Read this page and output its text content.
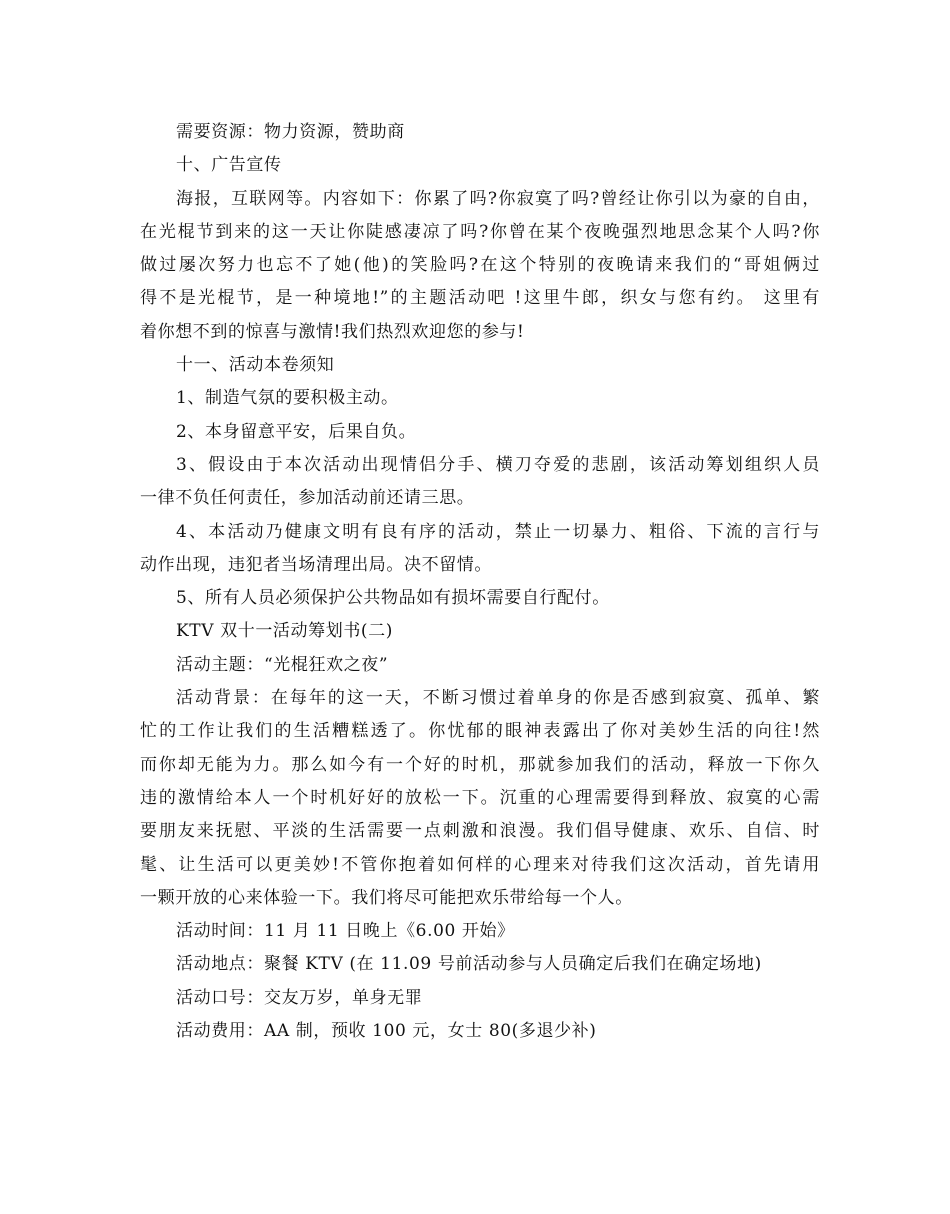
需要资源：物力资源，赞助商
十、广告宣传
海报，互联网等。内容如下：你累了吗?你寂寞了吗?曾经让你引以为豪的自由，
在光棍节到来的这一天让你陡感凄凉了吗?你曾在某个夜晚强烈地思念某个人吗?你
做过屡次努力也忘不了她(他)的笑脸吗?在这个特别的夜晚请来我们的“哥姐俩过
得不是光棍节，是一种境地!”的主题活动吧 !这里牛郎，织女与您有约。 这里有
着你想不到的惊喜与激情!我们热烈欢迎您的参与!
十一、活动本卷须知
1、制造气氛的要积极主动。
2、本身留意平安，后果自负。
3、假设由于本次活动出现情侣分手、横刀夺爱的悲剧，该活动筹划组织人员
一律不负任何责任，参加活动前还请三思。
4、本活动乃健康文明有良有序的活动，禁止一切暴力、粗俗、下流的言行与
动作出现，违犯者当场清理出局。决不留情。
5、所有人员必须保护公共物品如有损坏需要自行配付。
KTV 双十一活动筹划书(二)
活动主题：“光棍狂欢之夜”
活动背景：在每年的这一天，不断习惯过着单身的你是否感到寂寞、孤单、繁
忙的工作让我们的生活糟糕透了。你忧郁的眼神表露出了你对美妙生活的向往!然
而你却无能为力。那么如今有一个好的时机，那就参加我们的活动，释放一下你久
违的激情给本人一个时机好好的放松一下。沉重的心理需要得到释放、寂寞的心需
要朋友来抚慰、平淡的生活需要一点刺激和浪漫。我们倡导健康、欢乐、自信、时
髦、让生活可以更美妙!不管你抱着如何样的心理来对待我们这次活动，首先请用
一颗开放的心来体验一下。我们将尽可能把欢乐带给每一个人。
活动时间：11 月 11 日晚上《6.00 开始》
活动地点：聚餐 KTV (在 11.09 号前活动参与人员确定后我们在确定场地)
活动口号：交友万岁，单身无罪
活动费用：AA 制，预收 100 元，女士 80(多退少补)
